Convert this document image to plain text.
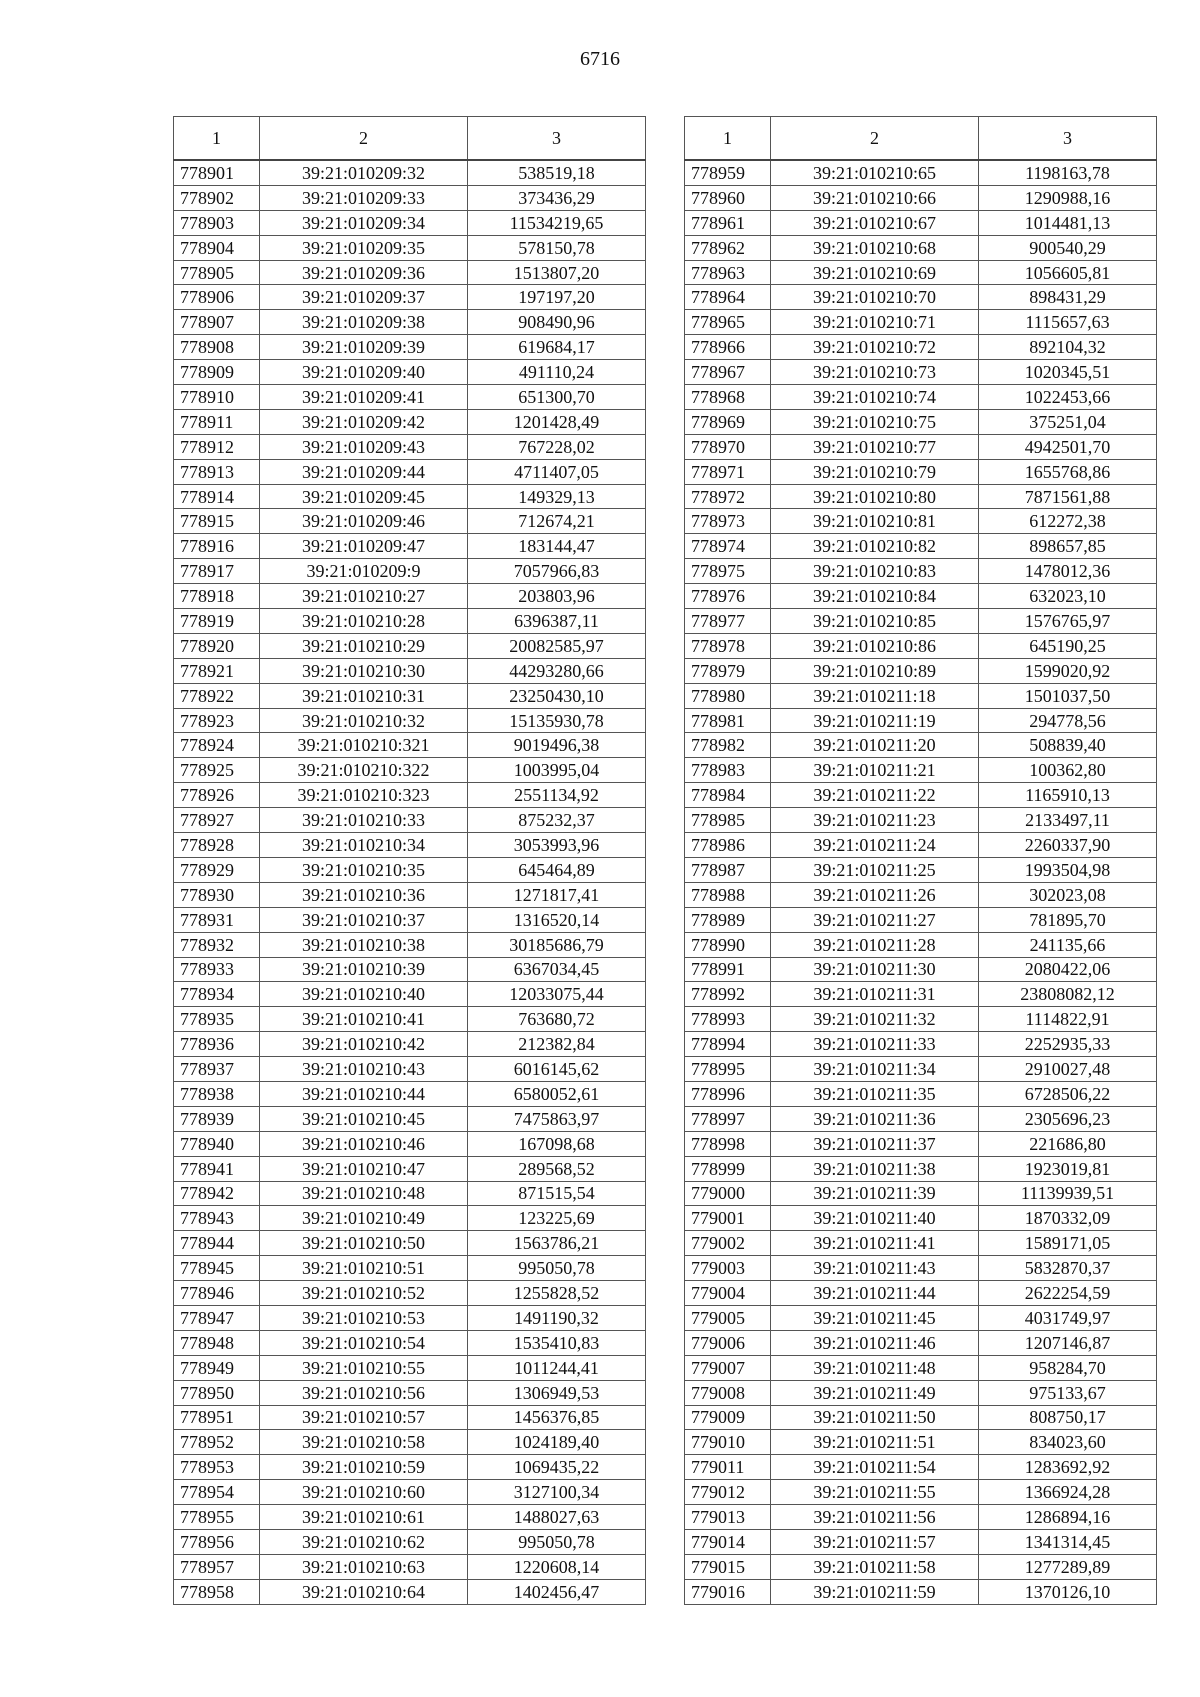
6716
1	2	3
778901	39:21:010209:32	538519,18
778902	39:21:010209:33	373436,29
778903	39:21:010209:34	11534219,65
778904	39:21:010209:35	578150,78
778905	39:21:010209:36	1513807,20
778906	39:21:010209:37	197197,20
778907	39:21:010209:38	908490,96
778908	39:21:010209:39	619684,17
778909	39:21:010209:40	491110,24
778910	39:21:010209:41	651300,70
778911	39:21:010209:42	1201428,49
778912	39:21:010209:43	767228,02
778913	39:21:010209:44	4711407,05
778914	39:21:010209:45	149329,13
778915	39:21:010209:46	712674,21
778916	39:21:010209:47	183144,47
778917	39:21:010209:9	7057966,83
778918	39:21:010210:27	203803,96
778919	39:21:010210:28	6396387,11
778920	39:21:010210:29	20082585,97
778921	39:21:010210:30	44293280,66
778922	39:21:010210:31	23250430,10
778923	39:21:010210:32	15135930,78
778924	39:21:010210:321	9019496,38
778925	39:21:010210:322	1003995,04
778926	39:21:010210:323	2551134,92
778927	39:21:010210:33	875232,37
778928	39:21:010210:34	3053993,96
778929	39:21:010210:35	645464,89
778930	39:21:010210:36	1271817,41
778931	39:21:010210:37	1316520,14
778932	39:21:010210:38	30185686,79
778933	39:21:010210:39	6367034,45
778934	39:21:010210:40	12033075,44
778935	39:21:010210:41	763680,72
778936	39:21:010210:42	212382,84
778937	39:21:010210:43	6016145,62
778938	39:21:010210:44	6580052,61
778939	39:21:010210:45	7475863,97
778940	39:21:010210:46	167098,68
778941	39:21:010210:47	289568,52
778942	39:21:010210:48	871515,54
778943	39:21:010210:49	123225,69
778944	39:21:010210:50	1563786,21
778945	39:21:010210:51	995050,78
778946	39:21:010210:52	1255828,52
778947	39:21:010210:53	1491190,32
778948	39:21:010210:54	1535410,83
778949	39:21:010210:55	1011244,41
778950	39:21:010210:56	1306949,53
778951	39:21:010210:57	1456376,85
778952	39:21:010210:58	1024189,40
778953	39:21:010210:59	1069435,22
778954	39:21:010210:60	3127100,34
778955	39:21:010210:61	1488027,63
778956	39:21:010210:62	995050,78
778957	39:21:010210:63	1220608,14
778958	39:21:010210:64	1402456,47
1	2	3
778959	39:21:010210:65	1198163,78
778960	39:21:010210:66	1290988,16
778961	39:21:010210:67	1014481,13
778962	39:21:010210:68	900540,29
778963	39:21:010210:69	1056605,81
778964	39:21:010210:70	898431,29
778965	39:21:010210:71	1115657,63
778966	39:21:010210:72	892104,32
778967	39:21:010210:73	1020345,51
778968	39:21:010210:74	1022453,66
778969	39:21:010210:75	375251,04
778970	39:21:010210:77	4942501,70
778971	39:21:010210:79	1655768,86
778972	39:21:010210:80	7871561,88
778973	39:21:010210:81	612272,38
778974	39:21:010210:82	898657,85
778975	39:21:010210:83	1478012,36
778976	39:21:010210:84	632023,10
778977	39:21:010210:85	1576765,97
778978	39:21:010210:86	645190,25
778979	39:21:010210:89	1599020,92
778980	39:21:010211:18	1501037,50
778981	39:21:010211:19	294778,56
778982	39:21:010211:20	508839,40
778983	39:21:010211:21	100362,80
778984	39:21:010211:22	1165910,13
778985	39:21:010211:23	2133497,11
778986	39:21:010211:24	2260337,90
778987	39:21:010211:25	1993504,98
778988	39:21:010211:26	302023,08
778989	39:21:010211:27	781895,70
778990	39:21:010211:28	241135,66
778991	39:21:010211:30	2080422,06
778992	39:21:010211:31	23808082,12
778993	39:21:010211:32	1114822,91
778994	39:21:010211:33	2252935,33
778995	39:21:010211:34	2910027,48
778996	39:21:010211:35	6728506,22
778997	39:21:010211:36	2305696,23
778998	39:21:010211:37	221686,80
778999	39:21:010211:38	1923019,81
779000	39:21:010211:39	11139939,51
779001	39:21:010211:40	1870332,09
779002	39:21:010211:41	1589171,05
779003	39:21:010211:43	5832870,37
779004	39:21:010211:44	2622254,59
779005	39:21:010211:45	4031749,97
779006	39:21:010211:46	1207146,87
779007	39:21:010211:48	958284,70
779008	39:21:010211:49	975133,67
779009	39:21:010211:50	808750,17
779010	39:21:010211:51	834023,60
779011	39:21:010211:54	1283692,92
779012	39:21:010211:55	1366924,28
779013	39:21:010211:56	1286894,16
779014	39:21:010211:57	1341314,45
779015	39:21:010211:58	1277289,89
779016	39:21:010211:59	1370126,10
